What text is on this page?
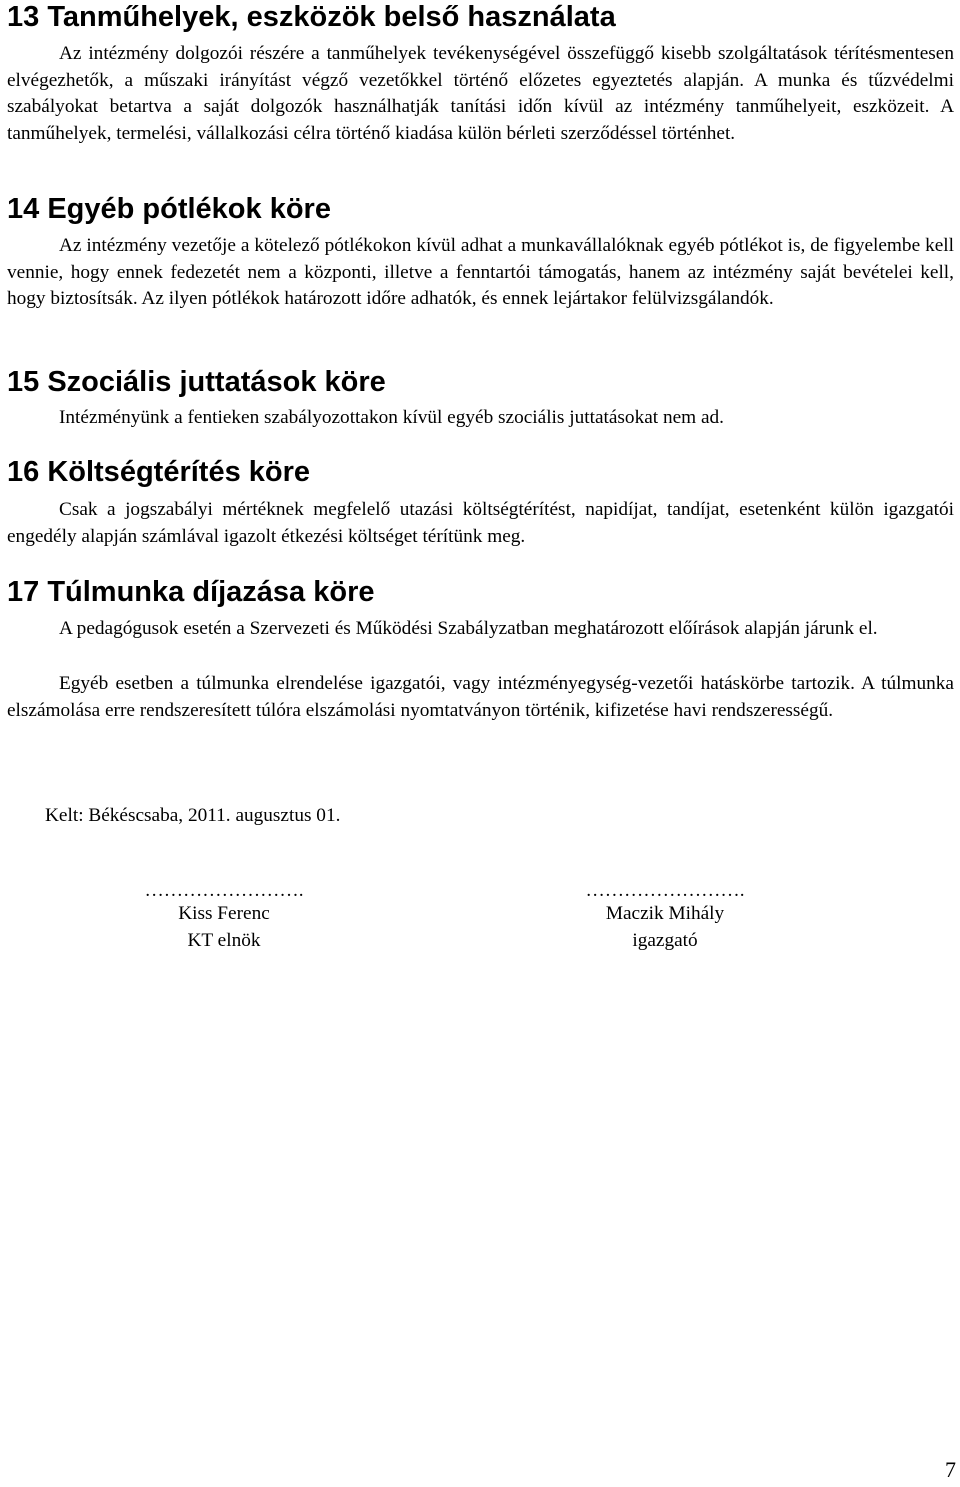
13 Tanműhelyek, eszközök belső használata
Az intézmény dolgozói részére a tanműhelyek tevékenységével összefüggő kisebb szolgáltatások térítésmentesen elvégezhetők, a műszaki irányítást végző vezetőkkel történő előzetes egyeztetés alapján. A munka és tűzvédelmi szabályokat betartva a saját dolgozók használhatják tanítási időn kívül az intézmény tanműhelyeit, eszközeit. A tanműhelyek, termelési, vállalkozási célra történő kiadása külön bérleti szerződéssel történhet.
14 Egyéb pótlékok köre
Az intézmény vezetője a kötelező pótlékokon kívül adhat a munkavállalóknak egyéb pótlékot is, de figyelembe kell vennie, hogy ennek fedezetét nem a központi, illetve a fenntartói támogatás, hanem az intézmény saját bevételei kell, hogy biztosítsák. Az ilyen pótlékok határozott időre adhatók, és ennek lejártakor felülvizsgálandók.
15 Szociális juttatások köre
Intézményünk a fentieken szabályozottakon kívül egyéb szociális juttatásokat nem ad.
16 Költségtérítés köre
Csak a jogszabályi mértéknek megfelelő utazási költségtérítést, napidíjat, tandíjat, esetenként külön igazgatói engedély alapján számlával igazolt étkezési költséget térítünk meg.
17 Túlmunka díjazása köre
A pedagógusok esetén a Szervezeti és Működési Szabályzatban meghatározott előírások alapján járunk el.
Egyéb esetben a túlmunka elrendelése igazgatói, vagy intézményegység-vezetői hatáskörbe tartozik. A túlmunka elszámolása erre rendszeresített túlóra elszámolási nyomtatványon történik, kifizetése havi rendszerességű.
Kelt: Békéscsaba, 2011. augusztus 01.
…………………….
Kiss Ferenc
KT elnök
…………………….
Maczik Mihály
igazgató
7
